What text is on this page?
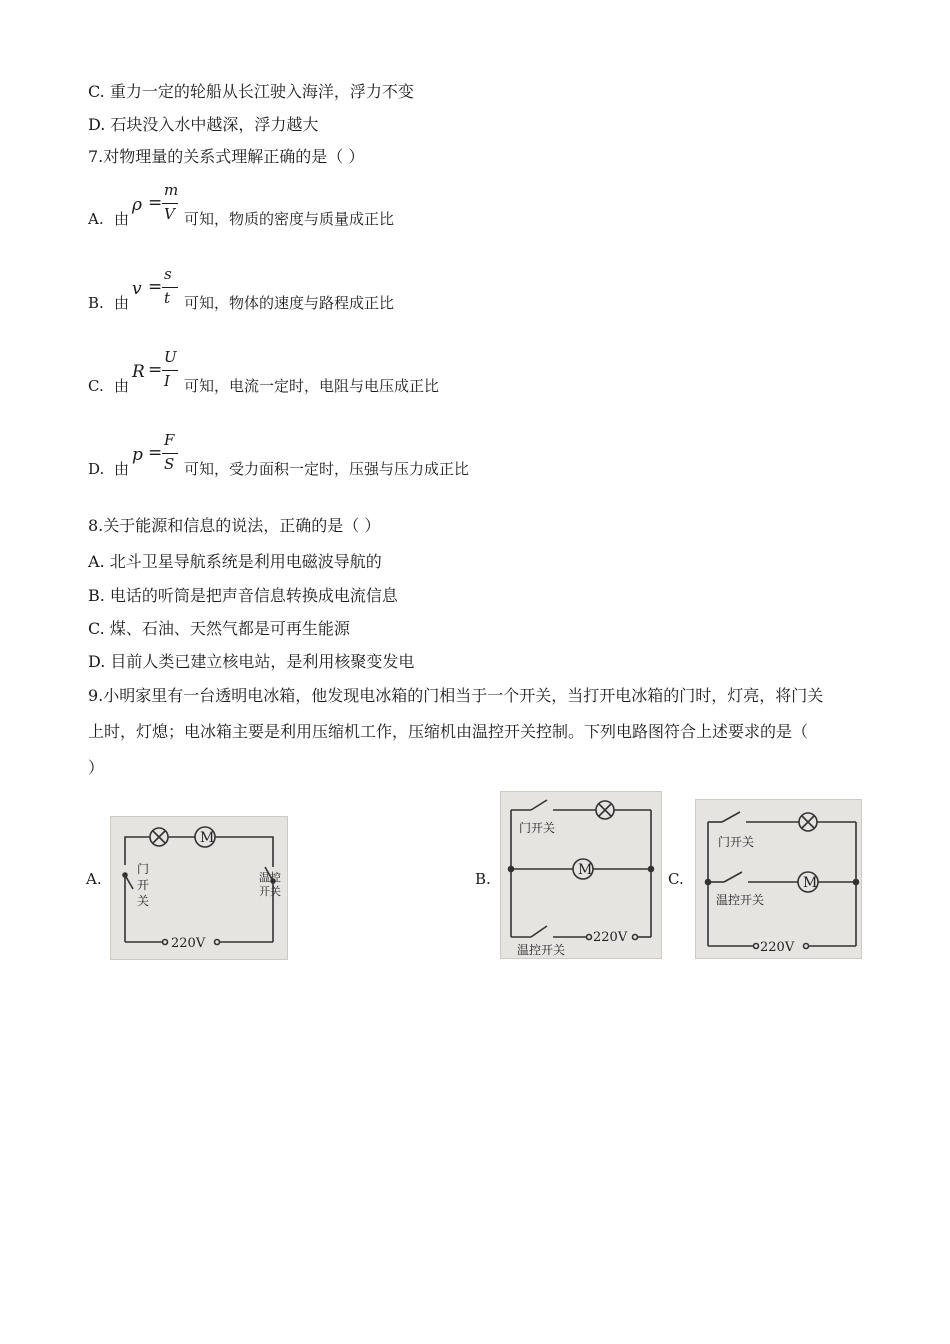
C. 重力一定的轮船从长江驶入海洋，浮力不变
D. 石块没入水中越深，浮力越大
7.对物理量的关系式理解正确的是（ ）
A. 由
ρ =
m
V 可知，物质的密度与质量成正比
B. 由
v =
s
t 可知，物体的速度与路程成正比
C. 由
R =
U
I 可知，电流一定时，电阻与电压成正比
D. 由
p =
F
S 可知，受力面积一定时，压强与压力成正比
8.关于能源和信息的说法，正确的是（ ）
A. 北斗卫星导航系统是利用电磁波导航的
B. 电话的听筒是把声音信息转换成电流信息
C. 煤、石油、天然气都是可再生能源
D. 目前人类已建立核电站，是利用核聚变发电
9.小明家里有一台透明电冰箱，他发现电冰箱的门相当于一个开关，当打开电冰箱的门时，灯亮，将门关
上时，灯熄；电冰箱主要是利用压缩机工作，压缩机由温控开关控制。下列电路图符合上述要求的是（
）
A.
M
门
开
关
温控
开关
220V
B.	M
门开关
温控开关
220V
C.	M
门开关
温控开关
220V
